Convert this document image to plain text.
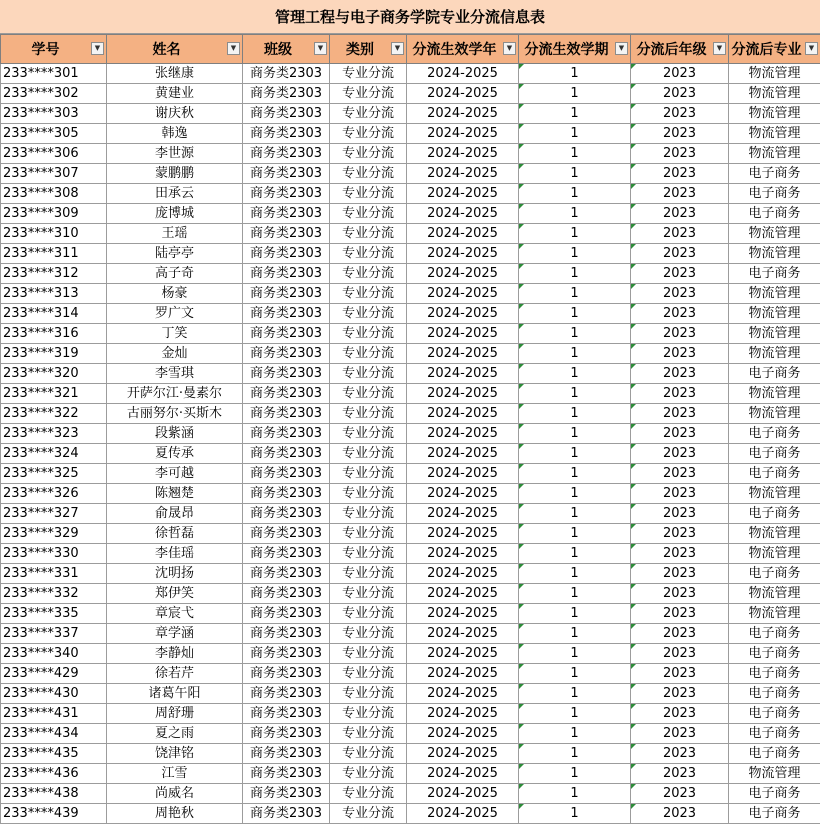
管理工程与电子商务学院专业分流信息表
学号 ▼	姓名 ▼	班级 ▼	类别 ▼	分流生效学年 ▼	分流生效学期 ▼	分流后年级 ▼	分流后专业 ▼

233****301	张继康	商务类2303	专业分流	2024-2025	1	2023	物流管理
233****302	黄建业	商务类2303	专业分流	2024-2025	1	2023	物流管理
233****303	谢庆秋	商务类2303	专业分流	2024-2025	1	2023	物流管理
233****305	韩逸	商务类2303	专业分流	2024-2025	1	2023	物流管理
233****306	李世源	商务类2303	专业分流	2024-2025	1	2023	物流管理
233****307	蒙鹏鹏	商务类2303	专业分流	2024-2025	1	2023	电子商务
233****308	田承云	商务类2303	专业分流	2024-2025	1	2023	电子商务
233****309	庞博城	商务类2303	专业分流	2024-2025	1	2023	电子商务
233****310	王瑶	商务类2303	专业分流	2024-2025	1	2023	物流管理
233****311	陆亭亭	商务类2303	专业分流	2024-2025	1	2023	物流管理
233****312	高子奇	商务类2303	专业分流	2024-2025	1	2023	电子商务
233****313	杨豪	商务类2303	专业分流	2024-2025	1	2023	物流管理
233****314	罗广文	商务类2303	专业分流	2024-2025	1	2023	物流管理
233****316	丁笑	商务类2303	专业分流	2024-2025	1	2023	物流管理
233****319	金灿	商务类2303	专业分流	2024-2025	1	2023	物流管理
233****320	李雪琪	商务类2303	专业分流	2024-2025	1	2023	电子商务
233****321	开萨尔江·曼素尔	商务类2303	专业分流	2024-2025	1	2023	物流管理
233****322	古丽努尔·买斯木	商务类2303	专业分流	2024-2025	1	2023	物流管理
233****323	段紫涵	商务类2303	专业分流	2024-2025	1	2023	电子商务
233****324	夏传承	商务类2303	专业分流	2024-2025	1	2023	电子商务
233****325	李可越	商务类2303	专业分流	2024-2025	1	2023	电子商务
233****326	陈翘楚	商务类2303	专业分流	2024-2025	1	2023	物流管理
233****327	俞晟昂	商务类2303	专业分流	2024-2025	1	2023	电子商务
233****329	徐哲磊	商务类2303	专业分流	2024-2025	1	2023	物流管理
233****330	李佳瑶	商务类2303	专业分流	2024-2025	1	2023	物流管理
233****331	沈明扬	商务类2303	专业分流	2024-2025	1	2023	电子商务
233****332	郑伊笑	商务类2303	专业分流	2024-2025	1	2023	物流管理
233****335	章宸弋	商务类2303	专业分流	2024-2025	1	2023	物流管理
233****337	章学涵	商务类2303	专业分流	2024-2025	1	2023	电子商务
233****340	李静灿	商务类2303	专业分流	2024-2025	1	2023	电子商务
233****429	徐若芹	商务类2303	专业分流	2024-2025	1	2023	电子商务
233****430	诸葛午阳	商务类2303	专业分流	2024-2025	1	2023	电子商务
233****431	周舒珊	商务类2303	专业分流	2024-2025	1	2023	电子商务
233****434	夏之雨	商务类2303	专业分流	2024-2025	1	2023	电子商务
233****435	饶津铭	商务类2303	专业分流	2024-2025	1	2023	电子商务
233****436	江雪	商务类2303	专业分流	2024-2025	1	2023	物流管理
233****438	尚威名	商务类2303	专业分流	2024-2025	1	2023	电子商务
233****439	周艳秋	商务类2303	专业分流	2024-2025	1	2023	电子商务
